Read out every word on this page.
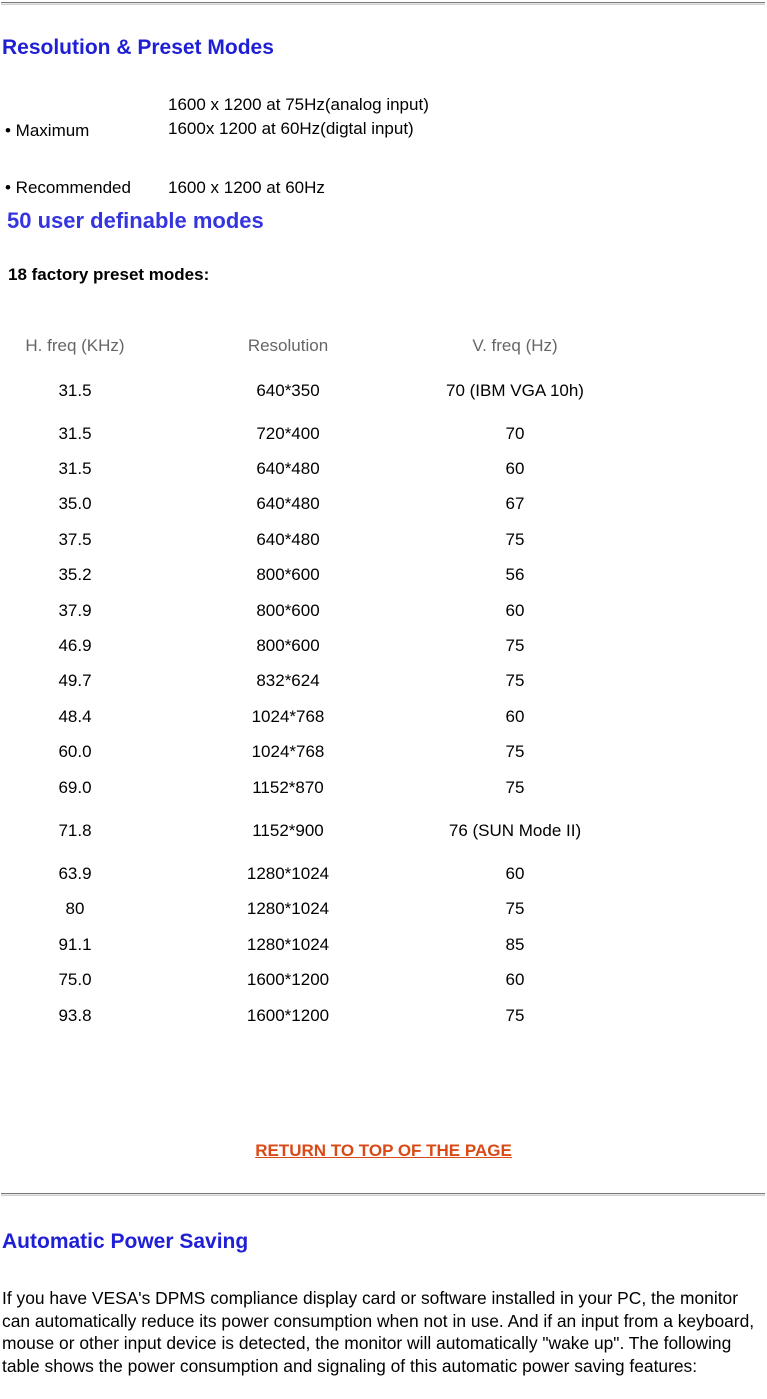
Resolution & Preset Modes
• Maximum
1600 x 1200 at 75Hz(analog input)
1600x 1200 at 60Hz(digtal input)
• Recommended 1600 x 1200 at 60Hz
50 user definable modes
18 factory preset modes:
H. freq (KHz)	Resolution	V. freq (Hz)
31.5	640*350	70 (IBM VGA 10h)
31.5	720*400	70
31.5	640*480	60
35.0	640*480	67
37.5	640*480	75
35.2	800*600	56
37.9	800*600	60
46.9	800*600	75
49.7	832*624	75
48.4	1024*768	60
60.0	1024*768	75
69.0	1152*870	75
71.8	1152*900	76 (SUN Mode II)
63.9	1280*1024	60
80	1280*1024	75
91.1	1280*1024	85
75.0	1600*1200	60
93.8	1600*1200	75
RETURN TO TOP OF THE PAGE
Automatic Power Saving

If you have VESA's DPMS compliance display card or software installed in your PC, the monitor can automatically reduce its power consumption when not in use. And if an input from a keyboard, mouse or other input device is detected, the monitor will automatically "wake up". The following table shows the power consumption and signaling of this automatic power saving features:
